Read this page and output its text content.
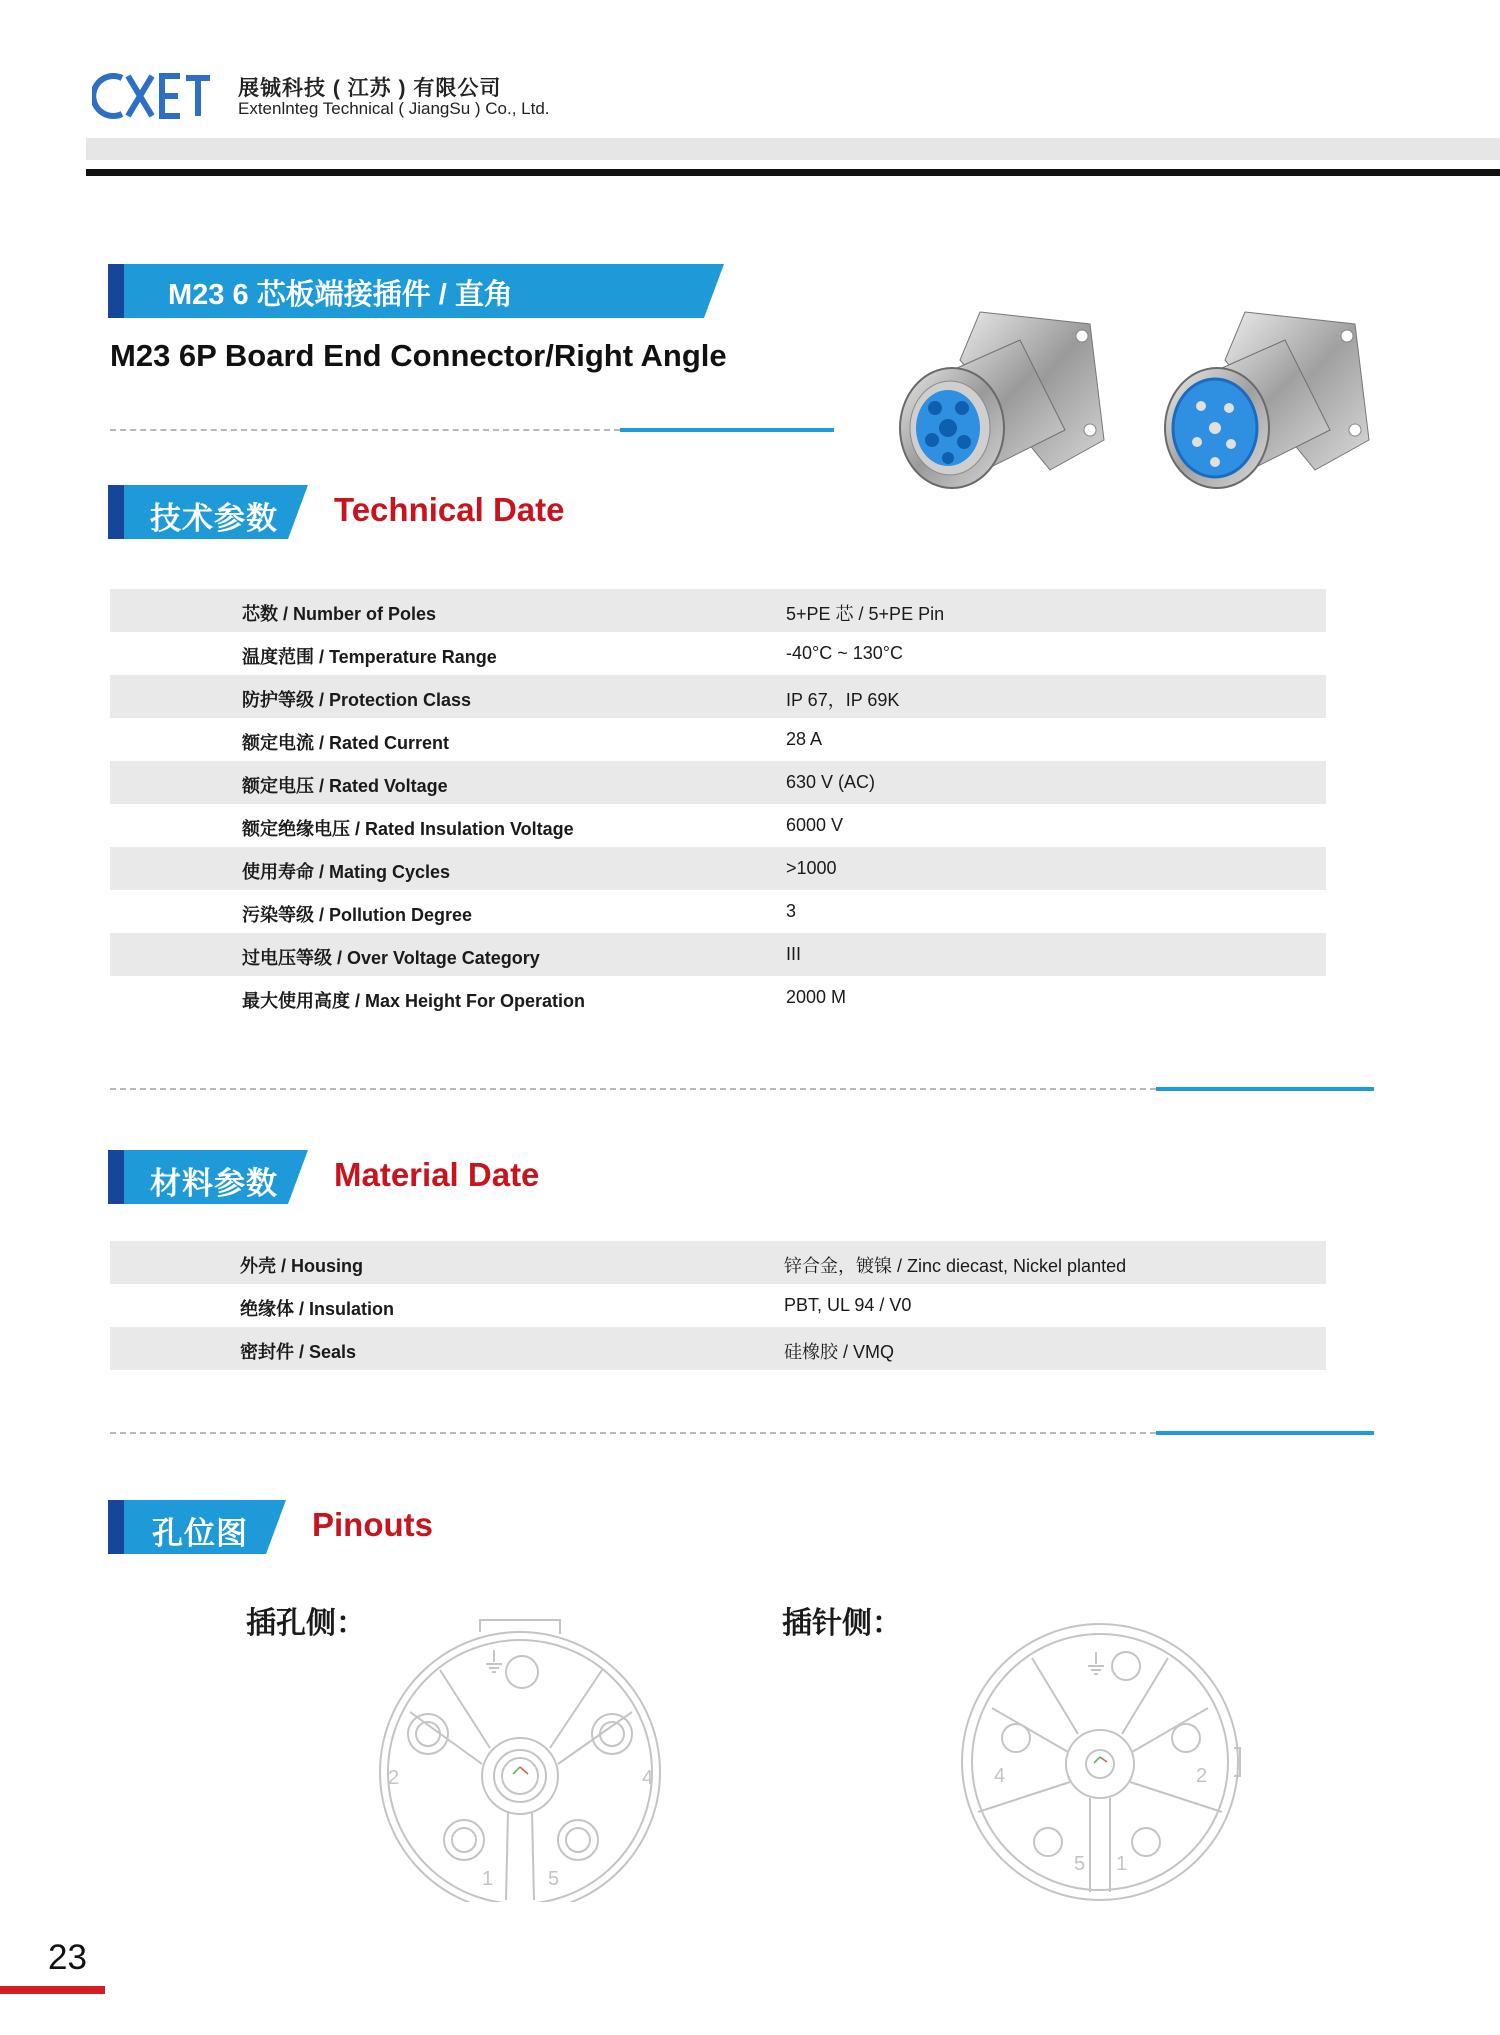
展铖科技 ( 江苏 ) 有限公司
Extenlnteg Technical ( JiangSu ) Co., Ltd.
M23 6 芯板端接插件 / 直角
M23 6P Board End Connector/Right Angle
技术参数 Technical Date
芯数 / Number of Poles	5+PE 芯 / 5+PE Pin
温度范围 / Temperature Range	-40°C ~ 130°C
防护等级 / Protection Class	IP 67，IP 69K
额定电流 / Rated Current	28 A
额定电压 / Rated Voltage	630 V (AC)
额定绝缘电压 / Rated Insulation Voltage	6000 V
使用寿命 / Mating Cycles	>1000
污染等级 / Pollution Degree	3
过电压等级 / Over Voltage Category	III
最大使用高度 / Max Height For Operation	2000 M
材料参数 Material Date
外壳 / Housing	锌合金，镀镍 / Zinc diecast, Nickel planted
绝缘体 / Insulation	PBT, UL 94 / V0
密封件 / Seals	硅橡胶 / VMQ
孔位图 Pinouts
插孔侧：	插针侧：
2	4
1	5
4	2
5 1
23
